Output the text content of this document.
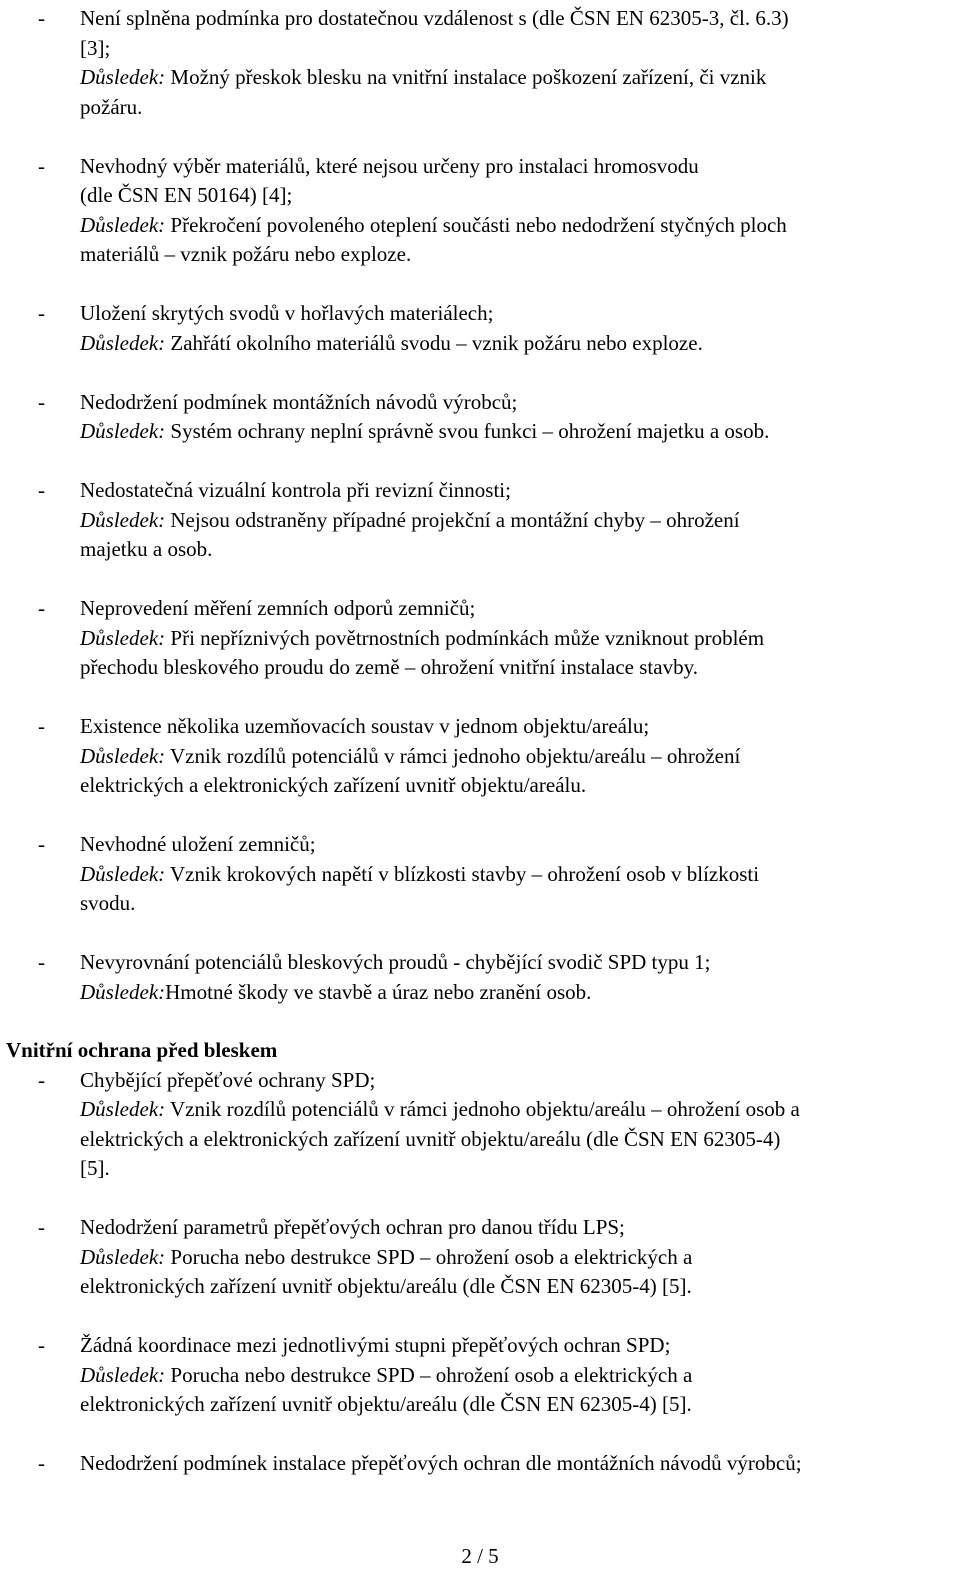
- Není splněna podmínka pro dostatečnou vzdálenost s (dle ČSN EN 62305-3, čl. 6.3)
[3];
Důsledek: Možný přeskok blesku na vnitřní instalace poškození zařízení, či vznik
požáru.
- Nevhodný výběr materiálů, které nejsou určeny pro instalaci hromosvodu
(dle ČSN EN 50164) [4];
Důsledek: Překročení povoleného oteplení součásti nebo nedodržení styčných ploch
materiálů – vznik požáru nebo exploze.
- Uložení skrytých svodů v hořlavých materiálech;
Důsledek: Zahřátí okolního materiálů svodu – vznik požáru nebo exploze.
- Nedodržení podmínek montážních návodů výrobců;
Důsledek: Systém ochrany neplní správně svou funkci – ohrožení majetku a osob.
- Nedostatečná vizuální kontrola při revizní činnosti;
Důsledek: Nejsou odstraněny případné projekční a montážní chyby – ohrožení
majetku a osob.
- Neprovedení měření zemních odporů zemničů;
Důsledek: Při nepříznivých povětrnostních podmínkách může vzniknout problém
přechodu bleskového proudu do země – ohrožení vnitřní instalace stavby.
- Existence několika uzemňovacích soustav v jednom objektu/areálu;
Důsledek: Vznik rozdílů potenciálů v rámci jednoho objektu/areálu – ohrožení
elektrických a elektronických zařízení uvnitř objektu/areálu.
- Nevhodné uložení zemničů;
Důsledek: Vznik krokových napětí v blízkosti stavby – ohrožení osob v blízkosti
svodu.
- Nevyrovnání potenciálů bleskových proudů - chybějící svodič SPD typu 1;
Důsledek:Hmotné škody ve stavbě a úraz nebo zranění osob.
Vnitřní ochrana před bleskem
- Chybějící přepěťové ochrany SPD;
Důsledek: Vznik rozdílů potenciálů v rámci jednoho objektu/areálu – ohrožení osob a
elektrických a elektronických zařízení uvnitř objektu/areálu (dle ČSN EN 62305-4)
[5].
- Nedodržení parametrů přepěťových ochran pro danou třídu LPS;
Důsledek: Porucha nebo destrukce SPD – ohrožení osob a elektrických a
elektronických zařízení uvnitř objektu/areálu (dle ČSN EN 62305-4) [5].
- Žádná koordinace mezi jednotlivými stupni přepěťových ochran SPD;
Důsledek: Porucha nebo destrukce SPD – ohrožení osob a elektrických a
elektronických zařízení uvnitř objektu/areálu (dle ČSN EN 62305-4) [5].
- Nedodržení podmínek instalace přepěťových ochran dle montážních návodů výrobců;
2 / 5
